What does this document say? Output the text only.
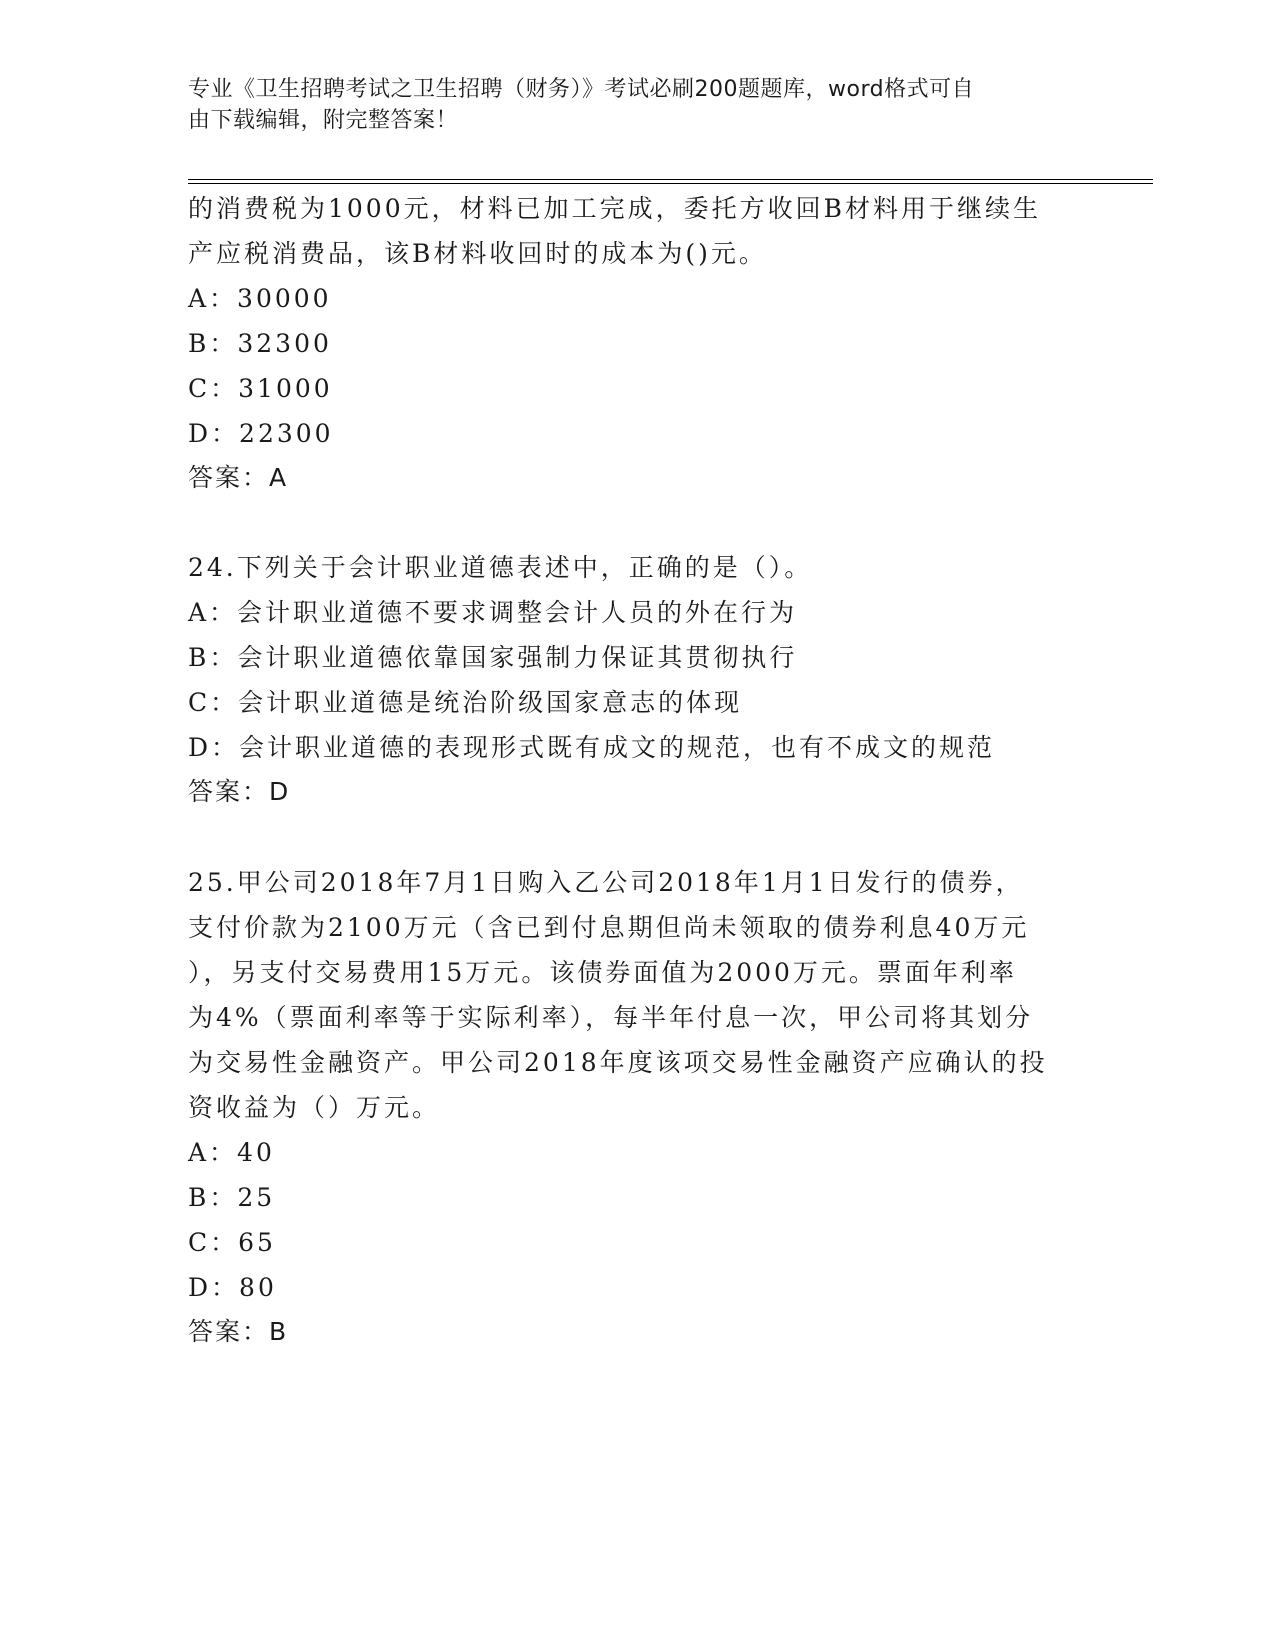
专业《卫生招聘考试之卫生招聘（财务）》考试必刷200题题库，word格式可自
由下载编辑，附完整答案！
的消费税为1000元，材料已加工完成，委托方收回B材料用于继续生
产应税消费品，该B材料收回时的成本为()元。
A：30000
B：32300
C：31000
D：22300
答案：A
24.下列关于会计职业道德表述中，正确的是（）。
A：会计职业道德不要求调整会计人员的外在行为
B：会计职业道德依靠国家强制力保证其贯彻执行
C：会计职业道德是统治阶级国家意志的体现
D：会计职业道德的表现形式既有成文的规范，也有不成文的规范
答案：D
25.甲公司2018年7月1日购入乙公司2018年1月1日发行的债券，
支付价款为2100万元（含已到付息期但尚未领取的债券利息40万元
），另支付交易费用15万元。该债券面值为2000万元。票面年利率
为4%（票面利率等于实际利率），每半年付息一次，甲公司将其划分
为交易性金融资产。甲公司2018年度该项交易性金融资产应确认的投
资收益为（）万元。
A：40
B：25
C：65
D：80
答案：B
